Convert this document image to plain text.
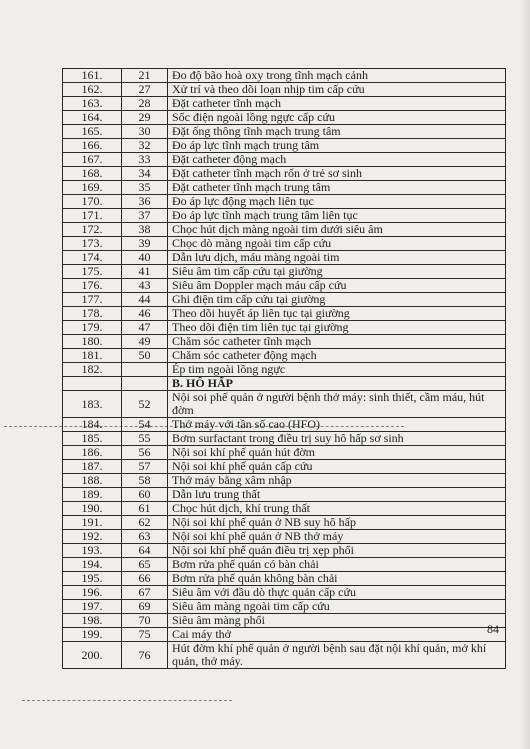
161.	21	Đo độ bão hoà oxy trong tĩnh mạch cảnh
162.	27	Xử trí và theo dõi loạn nhịp tim cấp cứu
163.	28	Đặt catheter tĩnh mạch
164.	29	Sốc điện ngoài lồng ngực cấp cứu
165.	30	Đặt ống thông tĩnh mạch trung tâm
166.	32	Đo áp lực tĩnh mạch trung tâm
167.	33	Đặt catheter động mạch
168.	34	Đặt catheter tĩnh mạch rốn ở trẻ sơ sinh
169.	35	Đặt catheter tĩnh mạch trung tâm
170.	36	Đo áp lực động mạch liên tục
171.	37	Đo áp lực tĩnh mạch trung tâm liên tục
172.	38	Chọc hút dịch màng ngoài tim dưới siêu âm
173.	39	Chọc dò màng ngoài tim cấp cứu
174.	40	Dẫn lưu dịch, máu màng ngoài tim
175.	41	Siêu âm tim cấp cứu tại giường
176.	43	Siêu âm Doppler mạch máu cấp cứu
177.	44	Ghi điện tim cấp cứu tại giường
178.	46	Theo dõi huyết áp liên tục tại giường
179.	47	Theo dõi điện tim liên tục tại giường
180.	49	Chăm sóc catheter tĩnh mạch
181.	50	Chăm sóc catheter động mạch
182.		Ép tim ngoài lồng ngực
		B. HÔ HẤP
183.	52	Nội soi phế quản ở người bệnh thở máy: sinh thiết, cầm máu, hút đờm
184.	54	Thở máy với tần số cao (HFO)
185.	55	Bơm surfactant trong điều trị suy hô hấp sơ sinh
186.	56	Nội soi khí phế quản hút đờm
187.	57	Nội soi khí phế quản cấp cứu
188.	58	Thở máy bằng xâm nhập
189.	60	Dẫn lưu trung thất
190.	61	Chọc hút dịch, khí trung thất
191.	62	Nội soi khí phế quản ở NB suy hô hấp
192.	63	Nội soi khí phế quản ở NB thở máy
193.	64	Nội soi khí phế quản điều trị xẹp phổi
194.	65	Bơm rửa phế quản có bàn chải
195.	66	Bơm rửa phế quản không bàn chải
196.	67	Siêu âm với đầu dò thực quản cấp cứu
197.	69	Siêu âm màng ngoài tim cấp cứu
198.	70	Siêu âm màng phổi
199.	75	Cai máy thở
200.	76	Hút đờm khí phế quản ở người bệnh sau đặt nội khí quản, mở khí quản, thở máy.
84
